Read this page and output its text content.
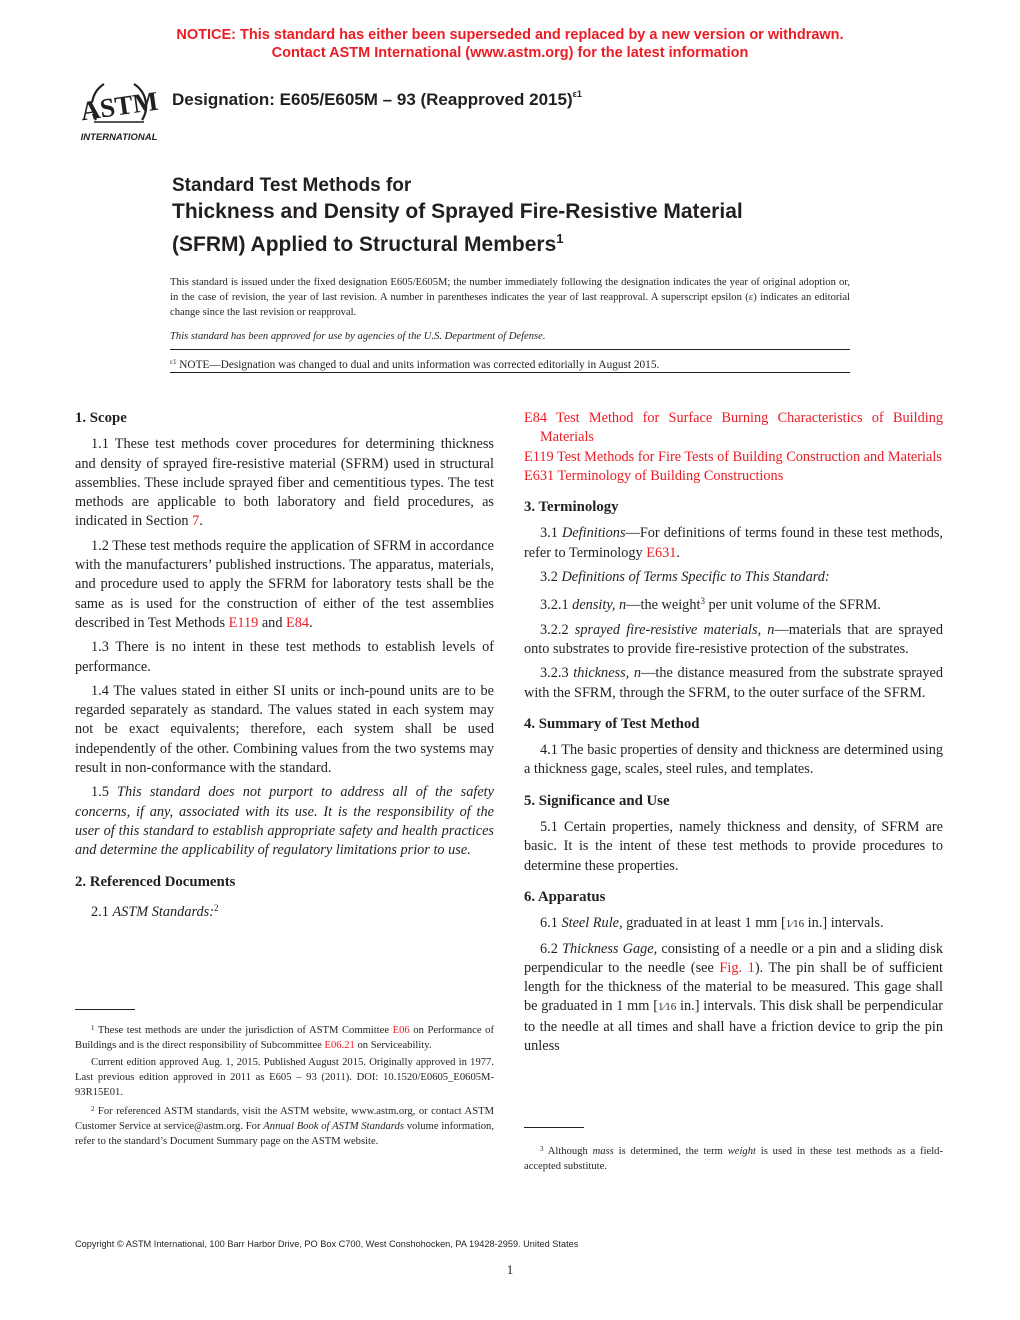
NOTICE: This standard has either been superseded and replaced by a new version or withdrawn.
Contact ASTM International (www.astm.org) for the latest information
ASTM
INTERNATIONAL
Designation: E605/E605M – 93 (Reapproved 2015)$^{\varepsilon 1}$
Standard Test Methods for
Thickness and Density of Sprayed Fire-Resistive Material
(SFRM) Applied to Structural Members$^1$
This standard is issued under the fixed designation E605/E605M; the number immediately following the designation indicates the year of original adoption or, in the case of revision, the year of last revision. A number in parentheses indicates the year of last reapproval. A superscript epsilon (ε) indicates an editorial change since the last revision or reapproval.
This standard has been approved for use by agencies of the U.S. Department of Defense.
$^{\varepsilon 1}$ NOTE—Designation was changed to dual and units information was corrected editorially in August 2015.
1. Scope

1.1 These test methods cover procedures for determining thickness and density of sprayed fire-resistive material (SFRM) used in structural assemblies. These include sprayed fiber and cementitious types. The test methods are applicable to both laboratory and field procedures, as indicated in Section 7.

1.2 These test methods require the application of SFRM in accordance with the manufacturers’ published instructions. The apparatus, materials, and procedure used to apply the SFRM for laboratory tests shall be the same as is used for the construction of either of the test assemblies described in Test Methods E119 and E84.

1.3 There is no intent in these test methods to establish levels of performance.

1.4 The values stated in either SI units or inch-pound units are to be regarded separately as standard. The values stated in each system may not be exact equivalents; therefore, each system shall be used independently of the other. Combining values from the two systems may result in non-conformance with the standard.

1.5 This standard does not purport to address all of the safety concerns, if any, associated with its use. It is the responsibility of the user of this standard to establish appropriate safety and health practices and determine the applicability of regulatory limitations prior to use.

2. Referenced Documents

2.1 ASTM Standards:$^2$

E84 Test Method for Surface Burning Characteristics of Building Materials

E119 Test Methods for Fire Tests of Building Construction and Materials

E631 Terminology of Building Constructions

3. Terminology

3.1 Definitions—For definitions of terms found in these test methods, refer to Terminology E631.

3.2 Definitions of Terms Specific to This Standard:

3.2.1 density, n—the weight$^3$ per unit volume of the SFRM.

3.2.2 sprayed fire-resistive materials, n—materials that are sprayed onto substrates to provide fire-resistive protection of the substrates.

3.2.3 thickness, n—the distance measured from the substrate sprayed with the SFRM, through the SFRM, to the outer surface of the SFRM.

4. Summary of Test Method

4.1 The basic properties of density and thickness are determined using a thickness gage, scales, steel rules, and templates.

5. Significance and Use

5.1 Certain properties, namely thickness and density, of SFRM are basic. It is the intent of these test methods to provide procedures to determine these properties.

6. Apparatus

6.1 Steel Rule, graduated in at least 1 mm [1⁄16 in.] intervals.

6.2 Thickness Gage, consisting of a needle or a pin and a sliding disk perpendicular to the needle (see Fig. 1). The pin shall be of sufficient length for the thickness of the material to be measured. This gage shall be graduated in 1 mm [1⁄16 in.] intervals. This disk shall be perpendicular to the needle at all times and shall have a friction device to grip the pin unless

$^1$ These test methods are under the jurisdiction of ASTM Committee E06 on Performance of Buildings and is the direct responsibility of Subcommittee E06.21 on Serviceability.

Current edition approved Aug. 1, 2015. Published August 2015. Originally approved in 1977. Last previous edition approved in 2011 as E605 – 93 (2011). DOI: 10.1520/E0605_E0605M-93R15E01.

$^2$ For referenced ASTM standards, visit the ASTM website, www.astm.org, or contact ASTM Customer Service at service@astm.org. For Annual Book of ASTM Standards volume information, refer to the standard’s Document Summary page on the ASTM website.

$^3$ Although mass is determined, the term weight is used in these test methods as a field-accepted substitute.

Copyright © ASTM International, 100 Barr Harbor Drive, PO Box C700, West Conshohocken, PA 19428-2959. United States
1
